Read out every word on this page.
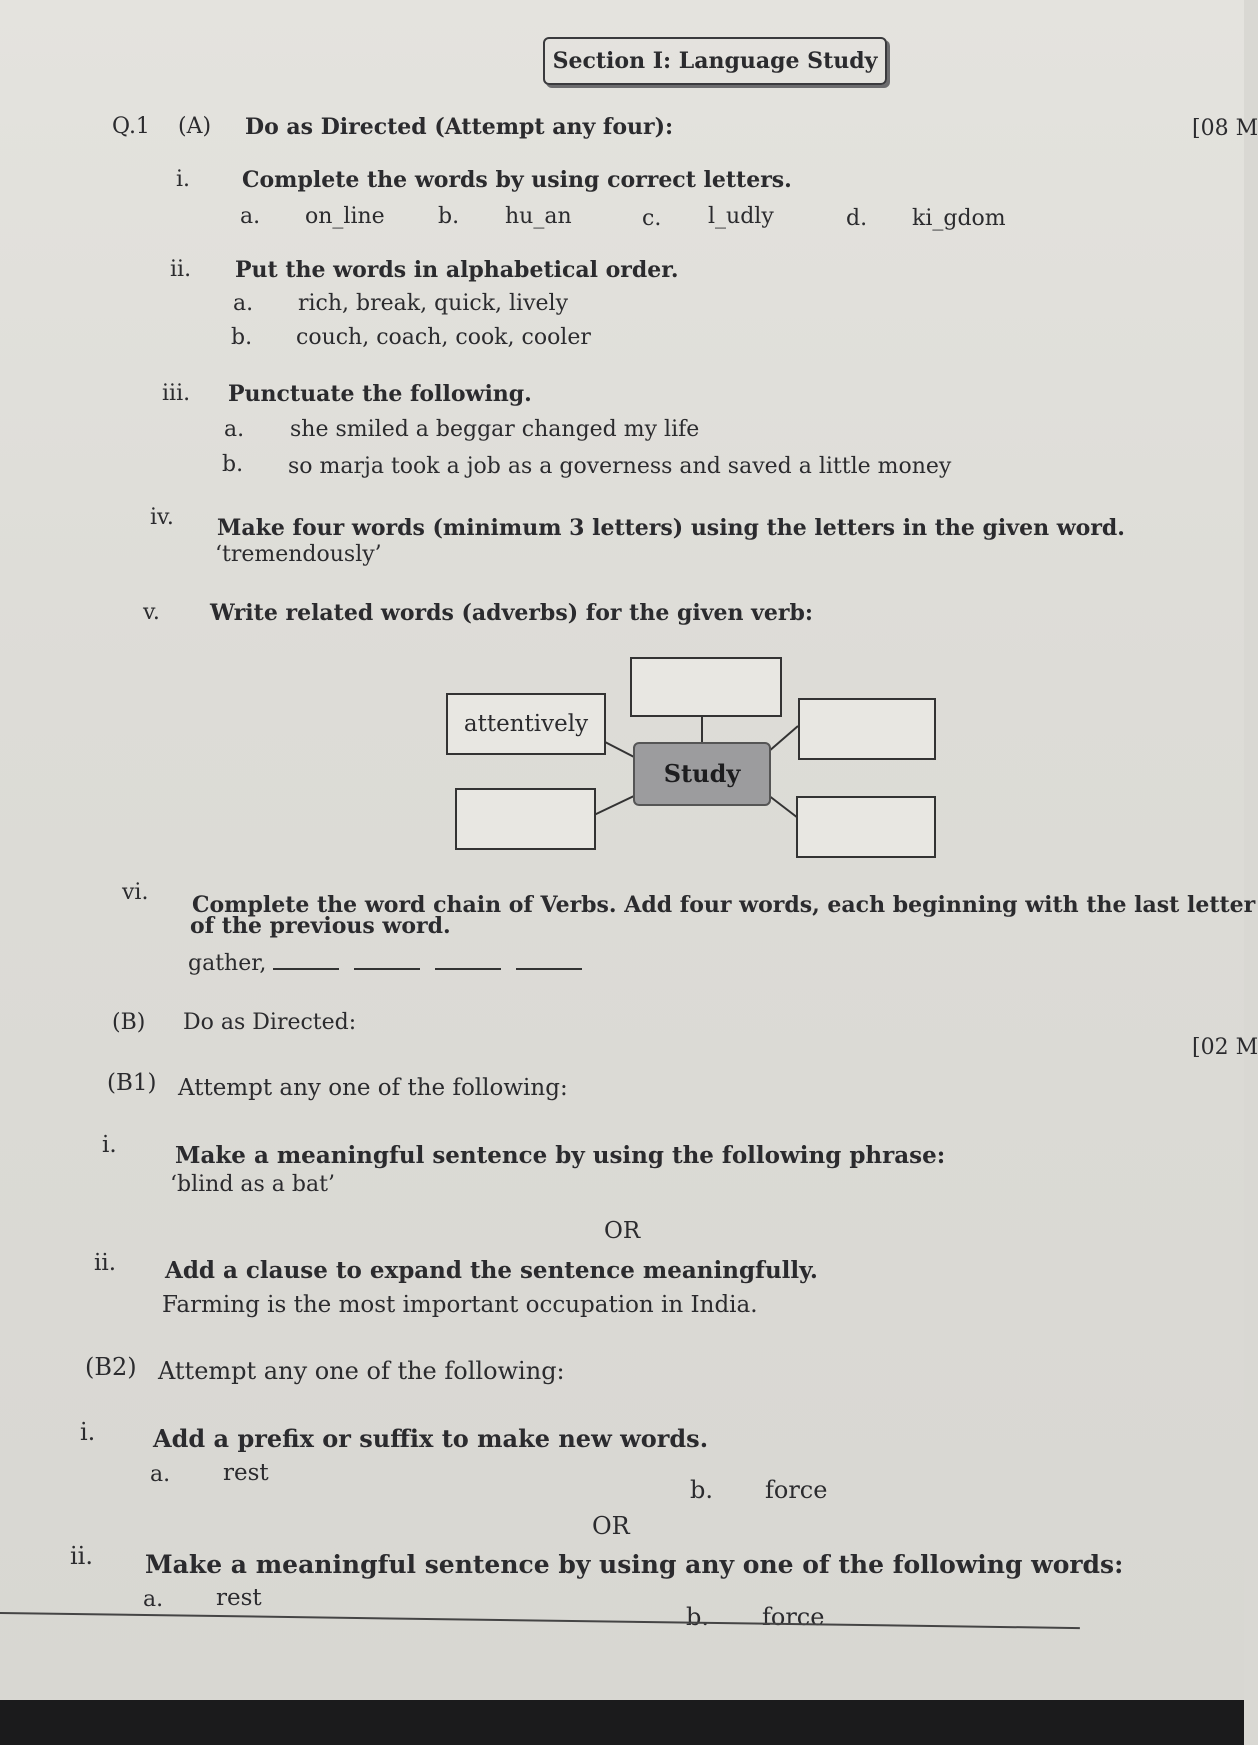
Section I: Language Study
Q.1 (A) Do as Directed (Attempt any four):	[08 M
i. Complete the words by using correct letters.
a. on_line b. hu_an	c. l_udly	d. ki_gdom
ii. Put the words in alphabetical order.
a. rich, break, quick, lively
b. couch, coach, cook, cooler
iii. Punctuate the following.
a. she smiled a beggar changed my life
b. so marja took a job as a governess and saved a little money
iv. Make four words (minimum 3 letters) using the letters in the given word.
‘tremendously’
v. Write related words (adverbs) for the given verb:
attentively
Study
vi. Complete the word chain of Verbs. Add four words, each beginning with the last letter
of the previous word.
gather,
(B) Do as Directed:
[02 M
(B1) Attempt any one of the following:
i.	Make a meaningful sentence by using the following phrase:
‘blind as a bat’
OR
ii. Add a clause to expand the sentence meaningfully.
Farming is the most important occupation in India.
(B2) Attempt any one of the following:
i. Add a prefix or suffix to make new words.
a. rest
b. force
OR
ii. Make a meaningful sentence by using any one of the following words:
a. rest
b. force
